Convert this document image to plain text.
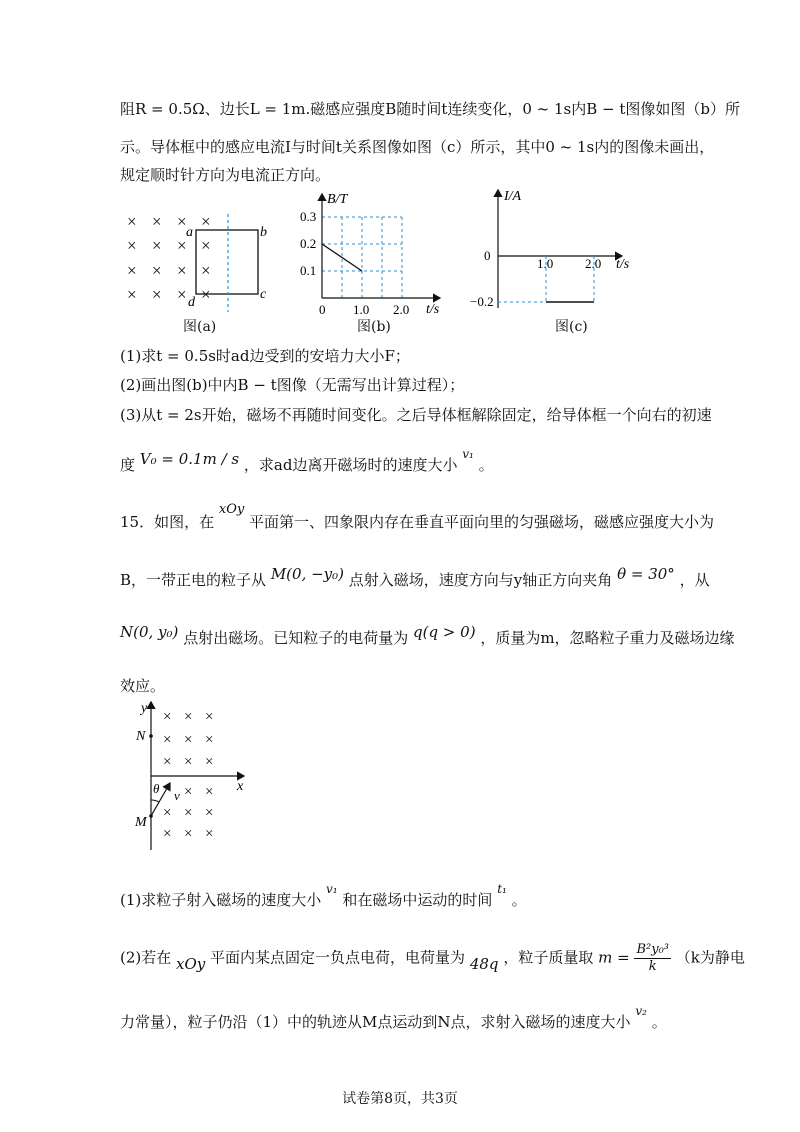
阻R = 0.5Ω、边长L = 1m.磁感应强度B随时间t连续变化，0 ~ 1s内B − t图像如图（b）所
示。导体框中的感应电流I与时间t关系图像如图（c）所示，其中0 ~ 1s内的图像未画出，
规定顺时针方向为电流正方向。
× × × ×
× × × ×
× × × ×
× × × ×
a	b
c
d
图(a)
B/T
t/s
0.3
0.2
0.1
0 1.0 2.0
图(b)
I/A
t/s
0
−0.2
1.0 2.0
图(c)
(1)求t = 0.5s时ad边受到的安培力大小F；
(2)画出图(b)中内B − t图像（无需写出计算过程）；
(3)从t = 2s开始，磁场不再随时间变化。之后导体框解除固定，给导体框一个向右的初速
度 V₀ = 0.1m / s ，求ad边离开磁场时的速度大小 $^{v_1}$ 。
15．如图，在 xOy 平面第一、四象限内存在垂直平面向里的匀强磁场，磁感应强度大小为
B，一带正电的粒子从 M(0, −y₀) 点射入磁场，速度方向与y轴正方向夹角 θ = 30° ，从
N(0, y₀) 点射出磁场。已知粒子的电荷量为 q(q > 0) ，质量为m，忽略粒子重力及磁场边缘
效应。
y
x
N
M
× × ×
× × ×
× × ×
× ×
× × ×
× × ×
θ v
(1)求粒子射入磁场的速度大小 $^{v_1}$ 和在磁场中运动的时间 $^{t_1}$ 。
(2)若在 xOy 平面内某点固定一负点电荷，电荷量为 48q ，粒子质量取 $m = \frac{\text{B²y₀³}}{k} (k$为静电
力常量），粒子仍沿（1）中的轨迹从M点运动到N点，求射入磁场的速度大小 $^{v_2}$ 。
试卷第8页，共3页
